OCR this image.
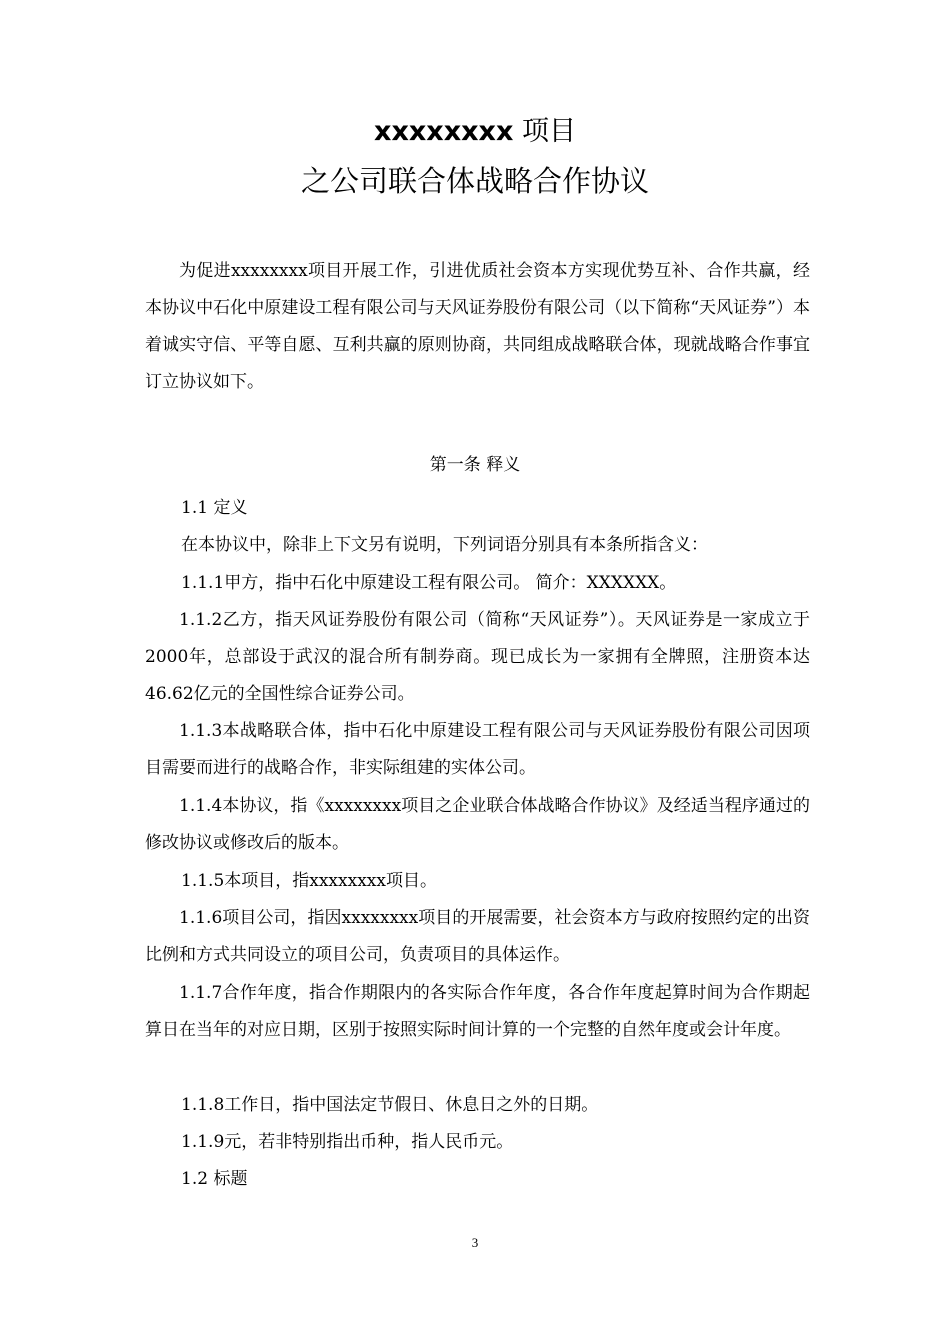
xxxxxxxx 项目
之公司联合体战略合作协议

为促进xxxxxxxx项目开展工作，引进优质社会资本方实现优势互补、合作共赢，经本协议中石化中原建设工程有限公司与天风证券股份有限公司（以下简称“天风证券”）本着诚实守信、平等自愿、互利共赢的原则协商，共同组成战略联合体，现就战略合作事宜订立协议如下。

第一条 释义
1.1 定义
在本协议中，除非上下文另有说明，下列词语分别具有本条所指含义：
1.1.1甲方，指中石化中原建设工程有限公司。 简介：XXXXXX。

1.1.2乙方，指天风证券股份有限公司（简称“天风证券”）。天风证券是一家成立于2000年，总部设于武汉的混合所有制券商。现已成长为一家拥有全牌照，注册资本达46.62亿元的全国性综合证券公司。

1.1.3本战略联合体，指中石化中原建设工程有限公司与天风证券股份有限公司因项目需要而进行的战略合作，非实际组建的实体公司。

1.1.4本协议，指《xxxxxxxx项目之企业联合体战略合作协议》及经适当程序通过的修改协议或修改后的版本。

1.1.5本项目，指xxxxxxxx项目。

1.1.6项目公司，指因xxxxxxxx项目的开展需要，社会资本方与政府按照约定的出资比例和方式共同设立的项目公司，负责项目的具体运作。

1.1.7合作年度，指合作期限内的各实际合作年度，各合作年度起算时间为合作期起算日在当年的对应日期，区别于按照实际时间计算的一个完整的自然年度或会计年度。

1.1.8工作日，指中国法定节假日、休息日之外的日期。
1.1.9元，若非特别指出币种，指人民币元。
1.2 标题
3
